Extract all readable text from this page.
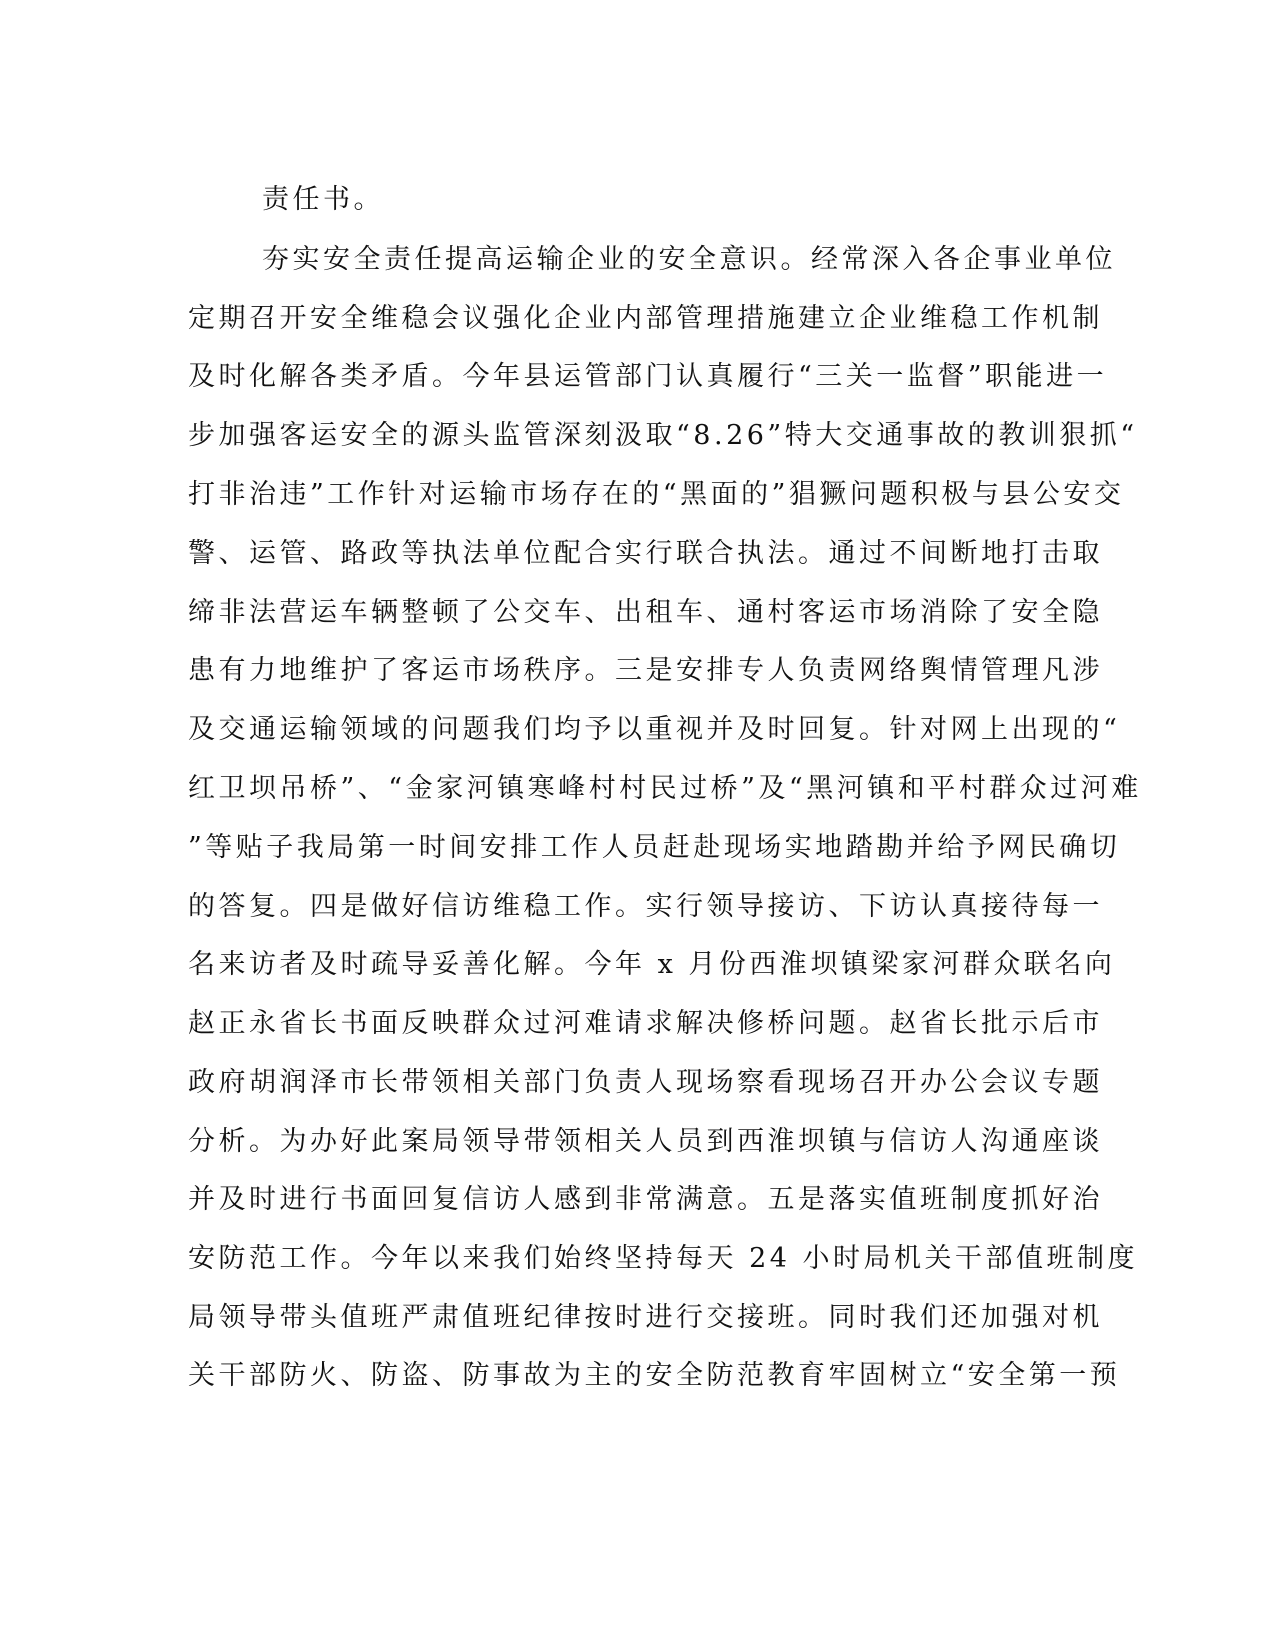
责任书。
夯实安全责任提高运输企业的安全意识。经常深入各企事业单位
定期召开安全维稳会议强化企业内部管理措施建立企业维稳工作机制
及时化解各类矛盾。今年县运管部门认真履行“三关一监督”职能进一
步加强客运安全的源头监管深刻汲取“8.26”特大交通事故的教训狠抓“
打非治违”工作针对运输市场存在的“黑面的”猖獗问题积极与县公安交
警、运管、路政等执法单位配合实行联合执法。通过不间断地打击取
缔非法营运车辆整顿了公交车、出租车、通村客运市场消除了安全隐
患有力地维护了客运市场秩序。三是安排专人负责网络舆情管理凡涉
及交通运输领域的问题我们均予以重视并及时回复。针对网上出现的“
红卫坝吊桥”、“金家河镇寒峰村村民过桥”及“黑河镇和平村群众过河难
”等贴子我局第一时间安排工作人员赶赴现场实地踏勘并给予网民确切
的答复。四是做好信访维稳工作。实行领导接访、下访认真接待每一
名来访者及时疏导妥善化解。今年 x 月份西淮坝镇梁家河群众联名向
赵正永省长书面反映群众过河难请求解决修桥问题。赵省长批示后市
政府胡润泽市长带领相关部门负责人现场察看现场召开办公会议专题
分析。为办好此案局领导带领相关人员到西淮坝镇与信访人沟通座谈
并及时进行书面回复信访人感到非常满意。五是落实值班制度抓好治
安防范工作。今年以来我们始终坚持每天 24 小时局机关干部值班制度
局领导带头值班严肃值班纪律按时进行交接班。同时我们还加强对机
关干部防火、防盗、防事故为主的安全防范教育牢固树立“安全第一预
